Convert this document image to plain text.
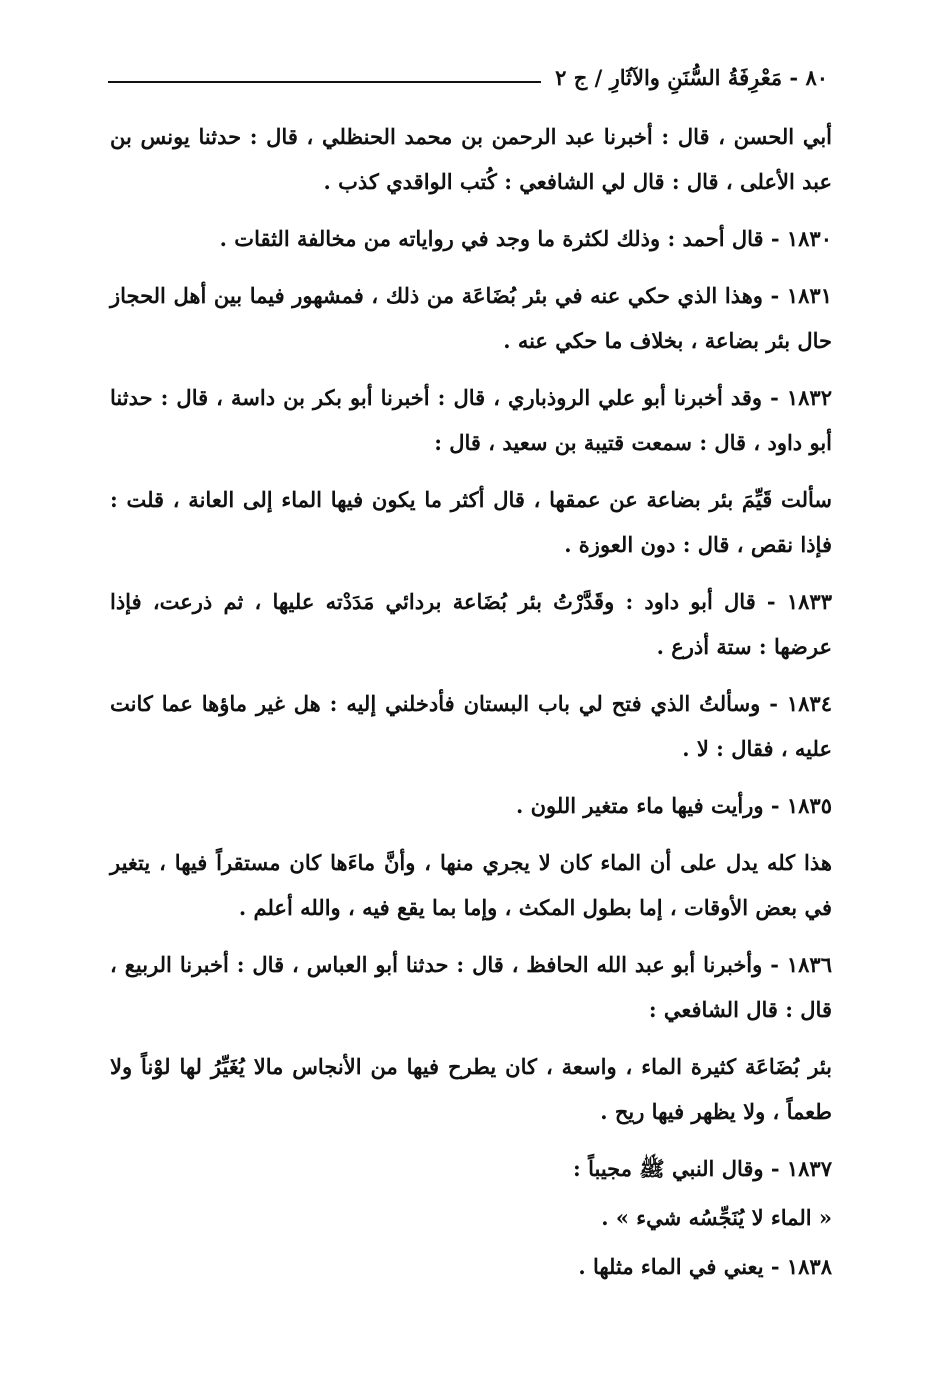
٨٠ - مَعْرِفَةُ السُّنَنِ والآثَارِ / ج ٢

أبي الحسن ، قال : أخبرنا عبد الرحمن بن محمد الحنظلي ، قال : حدثنا يونس بن عبد الأعلى ، قال : قال لي الشافعي : كُتب الواقدي كذب .

١٨٣٠ - قال أحمد : وذلك لكثرة ما وجد في رواياته من مخالفة الثقات .

١٨٣١ - وهذا الذي حكي عنه في بئر بُضَاعَة من ذلك ، فمشهور فيما بين أهل الحجاز حال بئر بضاعة ، بخلاف ما حكي عنه .

١٨٣٢ - وقد أخبرنا أبو علي الروذباري ، قال : أخبرنا أبو بكر بن داسة ، قال : حدثنا أبو داود ، قال : سمعت قتيبة بن سعيد ، قال :

سألت قَيِّمَ بئر بضاعة عن عمقها ، قال أكثر ما يكون فيها الماء إلى العانة ، قلت : فإذا نقص ، قال : دون العوزة .

١٨٣٣ - قال أبو داود : وقَدَّرْتُ بئر بُضَاعة بردائي مَدَدْته عليها ، ثم ذرعت، فإذا عرضها : ستة أذرع .

١٨٣٤ - وسألتُ الذي فتح لي باب البستان فأدخلني إليه : هل غير ماؤها عما كانت عليه ، فقال : لا .

١٨٣٥ - ورأيت فيها ماء متغير اللون .

هذا كله يدل على أن الماء كان لا يجري منها ، وأنَّ ماءَها كان مستقراً فيها ، يتغير في بعض الأوقات ، إما بطول المكث ، وإما بما يقع فيه ، والله أعلم .

١٨٣٦ - وأخبرنا أبو عبد الله الحافظ ، قال : حدثنا أبو العباس ، قال : أخبرنا الربيع ، قال : قال الشافعي :

بئر بُضَاعَة كثيرة الماء ، واسعة ، كان يطرح فيها من الأنجاس مالا يُغَيِّرُ لها لوْناً ولا طعماً ، ولا يظهر فيها ريح .

١٨٣٧ - وقال النبي ﷺ مجيباً :

« الماء لا يُنَجِّسُه شيء » .

١٨٣٨ - يعني في الماء مثلها .
